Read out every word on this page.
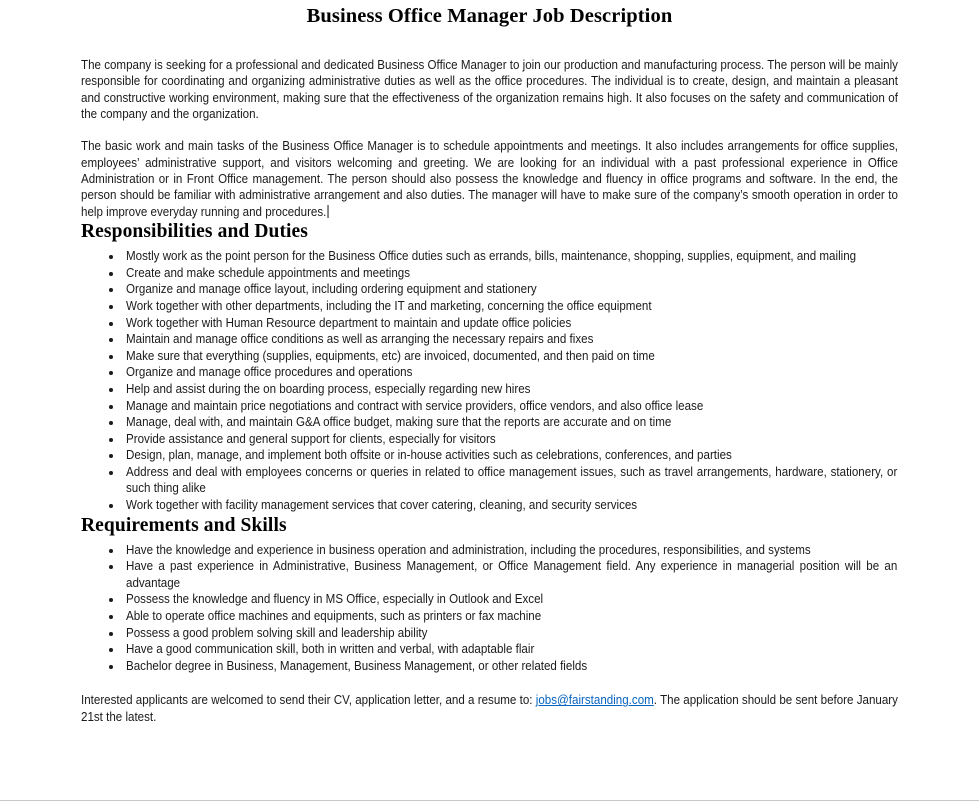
Business Office Manager Job Description

The company is seeking for a professional and dedicated Business Office Manager to join our production and manufacturing process. The person will be mainly responsible for coordinating and organizing administrative duties as well as the office procedures. The individual is to create, design, and maintain a pleasant and constructive working environment, making sure that the effectiveness of the organization remains high. It also focuses on the safety and communication of the company and the organization.

The basic work and main tasks of the Business Office Manager is to schedule appointments and meetings. It also includes arrangements for office supplies, employees’ administrative support, and visitors welcoming and greeting. We are looking for an individual with a past professional experience in Office Administration or in Front Office management. The person should also possess the knowledge and fluency in office programs and software. In the end, the person should be familiar with administrative arrangement and also duties. The manager will have to make sure of the company’s smooth operation in order to help improve everyday running and procedures.

Responsibilities and Duties
Mostly work as the point person for the Business Office duties such as errands, bills, maintenance, shopping, supplies, equipment, and mailing
Create and make schedule appointments and meetings
Organize and manage office layout, including ordering equipment and stationery
Work together with other departments, including the IT and marketing, concerning the office equipment
Work together with Human Resource department to maintain and update office policies
Maintain and manage office conditions as well as arranging the necessary repairs and fixes
Make sure that everything (supplies, equipments, etc) are invoiced, documented, and then paid on time
Organize and manage office procedures and operations
Help and assist during the on boarding process, especially regarding new hires
Manage and maintain price negotiations and contract with service providers, office vendors, and also office lease
Manage, deal with, and maintain G&A office budget, making sure that the reports are accurate and on time
Provide assistance and general support for clients, especially for visitors
Design, plan, manage, and implement both offsite or in-house activities such as celebrations, conferences, and parties
Address and deal with employees concerns or queries in related to office management issues, such as travel arrangements, hardware, stationery, or such thing alike
Work together with facility management services that cover catering, cleaning, and security services
Requirements and Skills
Have the knowledge and experience in business operation and administration, including the procedures, responsibilities, and systems
Have a past experience in Administrative, Business Management, or Office Management field. Any experience in managerial position will be an advantage
Possess the knowledge and fluency in MS Office, especially in Outlook and Excel
Able to operate office machines and equipments, such as printers or fax machine
Possess a good problem solving skill and leadership ability
Have a good communication skill, both in written and verbal, with adaptable flair
Bachelor degree in Business, Management, Business Management, or other related fields

Interested applicants are welcomed to send their CV, application letter, and a resume to: jobs@fairstanding.com. The application should be sent before January 21st the latest.
